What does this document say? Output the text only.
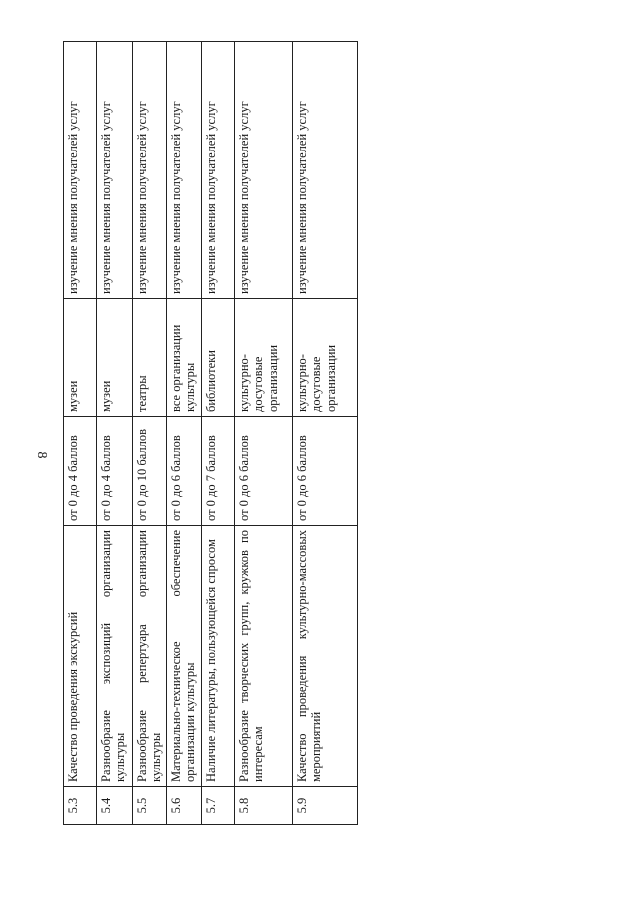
8
5.3	Качество проведения экскурсий	от 0 до 4 баллов	музеи	изучение мнения получателей услуг
5.4	Разнообразие экспозиций организации культуры	от 0 до 4 баллов	музеи	изучение мнения получателей услуг
5.5	Разнообразие репертуара организации культуры	от 0 до 10 баллов	театры	изучение мнения получателей услуг
5.6	Материально-техническое обеспечение организации культуры	от 0 до 6 баллов	все организации культуры	изучение мнения получателей услуг
5.7	Наличие литературы, пользующейся спросом	от 0 до 7 баллов	библиотеки	изучение мнения получателей услуг
5.8	Разнообразие творческих групп, кружков по интересам	от 0 до 6 баллов	культурно-досуговые организации	изучение мнения получателей услуг
5.9	Качество проведения культурно-массовых мероприятий	от 0 до 6 баллов	культурно-досуговые организации	изучение мнения получателей услуг
